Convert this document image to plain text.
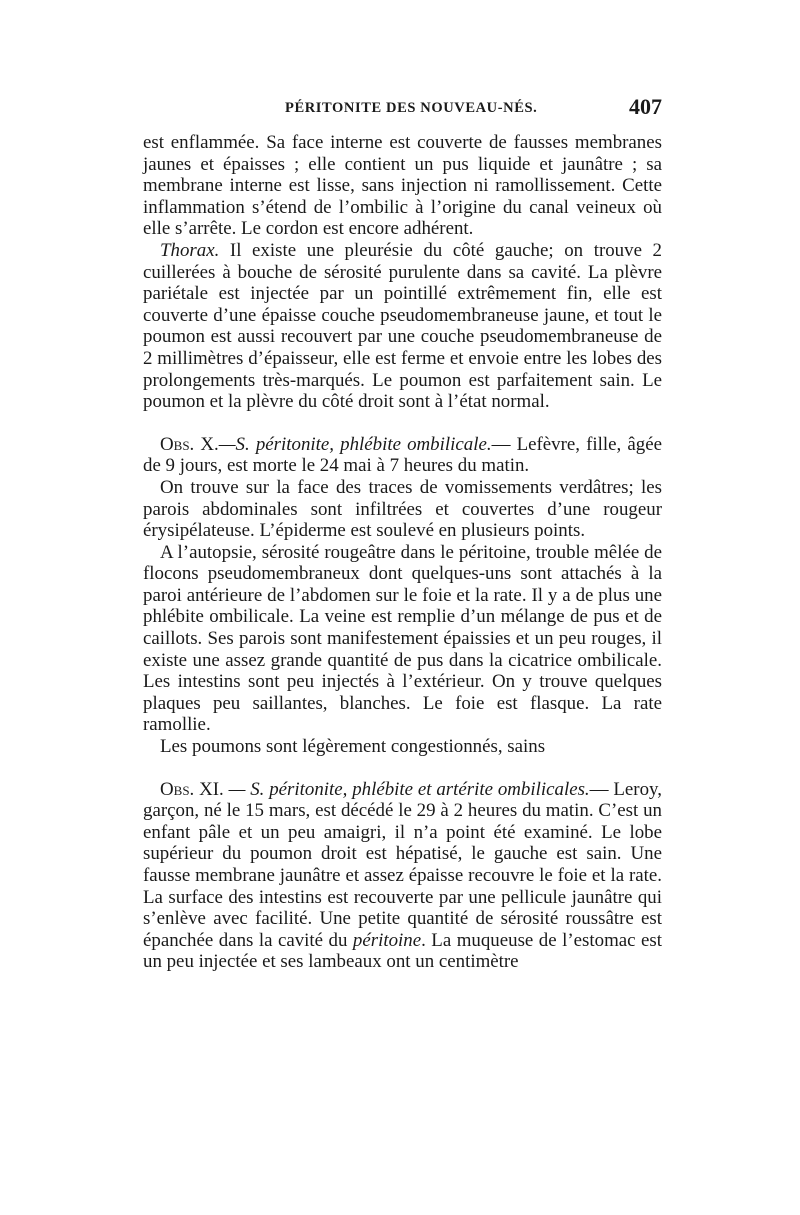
PÉRITONITE DES NOUVEAU-NÉS.	407

est enflammée. Sa face interne est couverte de fausses membranes jaunes et épaisses ; elle contient un pus liquide et jaunâtre ; sa membrane interne est lisse, sans injection ni ramollissement. Cette inflammation s’étend de l’ombilic à l’origine du canal veineux où elle s’arrête. Le cordon est encore adhérent.

Thorax. Il existe une pleurésie du côté gauche; on trouve 2 cuillerées à bouche de sérosité purulente dans sa cavité. La plèvre pariétale est injectée par un pointillé extrêmement fin, elle est couverte d’une épaisse couche pseudomembraneuse jaune, et tout le poumon est aussi recouvert par une couche pseudomembraneuse de 2 millimètres d’épaisseur, elle est ferme et envoie entre les lobes des prolongements très-marqués. Le poumon est parfaitement sain. Le poumon et la plèvre du côté droit sont à l’état normal.

Obs. X.—S. péritonite, phlébite ombilicale.— Lefèvre, fille, âgée de 9 jours, est morte le 24 mai à 7 heures du matin.

On trouve sur la face des traces de vomissements verdâtres; les parois abdominales sont infiltrées et couvertes d’une rougeur érysipélateuse. L’épiderme est soulevé en plusieurs points.

A l’autopsie, sérosité rougeâtre dans le péritoine, trouble mêlée de flocons pseudomembraneux dont quelques-uns sont attachés à la paroi antérieure de l’abdomen sur le foie et la rate. Il y a de plus une phlébite ombilicale. La veine est remplie d’un mélange de pus et de caillots. Ses parois sont manifestement épaissies et un peu rouges, il existe une assez grande quantité de pus dans la cicatrice ombilicale. Les intestins sont peu injectés à l’extérieur. On y trouve quelques plaques peu saillantes, blanches. Le foie est flasque. La rate ramollie.

Les poumons sont légèrement congestionnés, sains

Obs. XI. — S. péritonite, phlébite et artérite ombilicales.— Leroy, garçon, né le 15 mars, est décédé le 29 à 2 heures du matin. C’est un enfant pâle et un peu amaigri, il n’a point été examiné. Le lobe supérieur du poumon droit est hépatisé, le gauche est sain. Une fausse membrane jaunâtre et assez épaisse recouvre le foie et la rate. La surface des intestins est recouverte par une pellicule jaunâtre qui s’enlève avec facilité. Une petite quantité de sérosité roussâtre est épanchée dans la cavité du péritoine. La muqueuse de l’estomac est un peu injectée et ses lambeaux ont un centimètre
